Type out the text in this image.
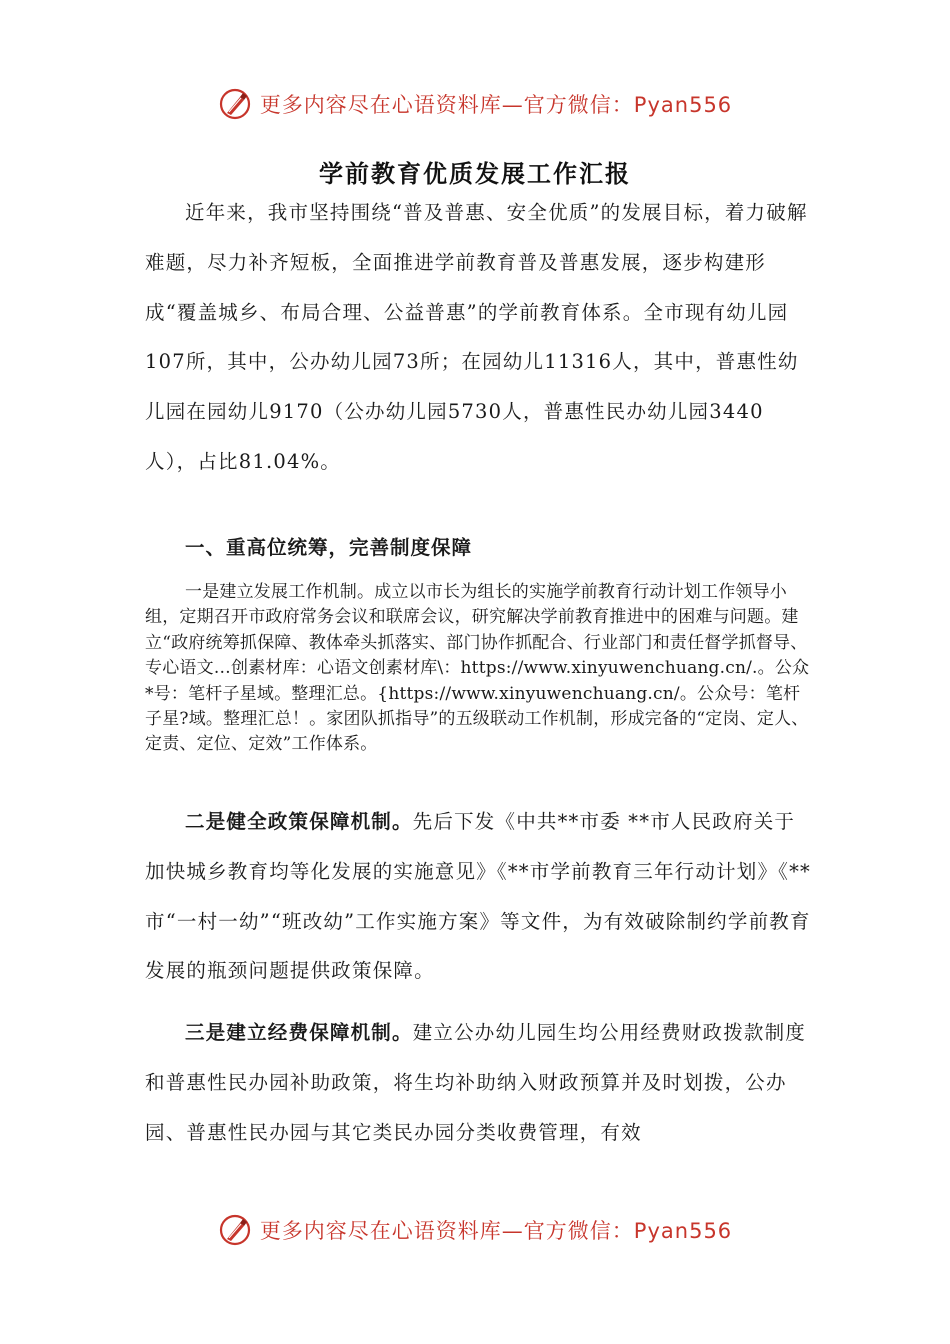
更多内容尽在心语资料库—官方微信：Pyan556
学前教育优质发展工作汇报

近年来，我市坚持围绕“普及普惠、安全优质”的发展目标，着力破解难题，尽力补齐短板，全面推进学前教育普及普惠发展，逐步构建形成“覆盖城乡、布局合理、公益普惠”的学前教育体系。全市现有幼儿园107所，其中，公办幼儿园73所；在园幼儿11316人，其中，普惠性幼儿园在园幼儿9170（公办幼儿园5730人，普惠性民办幼儿园3440人），占比81.04%。

一、重高位统筹，完善制度保障

一是建立发展工作机制。成立以市长为组长的实施学前教育行动计划工作领导小组，定期召开市政府常务会议和联席会议，研究解决学前教育推进中的困难与问题。建立“政府统筹抓保障、教体牵头抓落实、部门协作抓配合、行业部门和责任督学抓督导、专心语文…创素材库：心语文创素材库\：https://www.xinyuwenchuang.cn/.。公众*号：笔杆子星域。整理汇总。{https://www.xinyuwenchuang.cn/。公众号：笔杆子星?域。整理汇总！。家团队抓指导”的五级联动工作机制，形成完备的“定岗、定人、定责、定位、定效”工作体系。

二是健全政策保障机制。先后下发《中共**市委 **市人民政府关于加快城乡教育均等化发展的实施意见》《**市学前教育三年行动计划》《**市“一村一幼”“班改幼”工作实施方案》等文件，为有效破除制约学前教育发展的瓶颈问题提供政策保障。

三是建立经费保障机制。建立公办幼儿园生均公用经费财政拨款制度和普惠性民办园补助政策，将生均补助纳入财政预算并及时划拨，公办园、普惠性民办园与其它类民办园分类收费管理，有效

更多内容尽在心语资料库—官方微信：Pyan556
